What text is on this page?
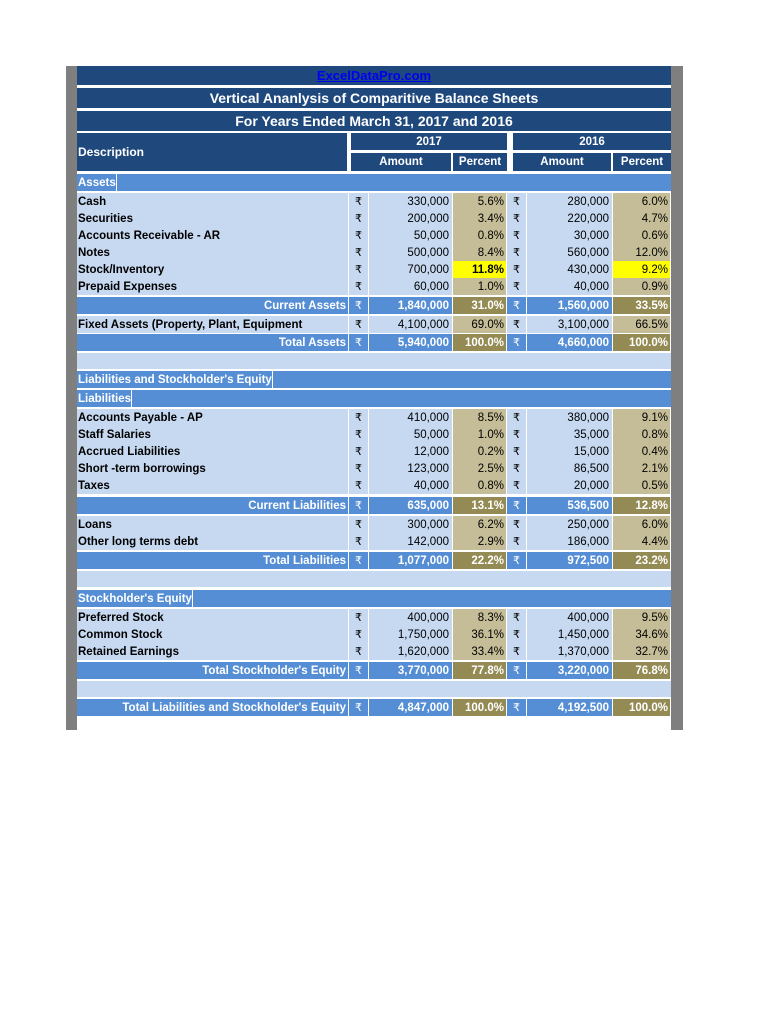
ExcelDataPro.com
Vertical Ananlysis of Comparitive Balance Sheets
For Years Ended March 31, 2017 and 2016
Description
2017	2016
Amount	Percent	Amount	Percent
Assets
Cash	₹	330,000	5.6% ₹	280,000	6.0%
Securities	₹	200,000	3.4% ₹	220,000	4.7%
Accounts Receivable - AR	₹	50,000	0.8% ₹	30,000	0.6%
Notes	₹	500,000	8.4% ₹	560,000	12.0%
Stock/Inventory	₹	700,000	11.8% ₹	430,000	9.2%
Prepaid Expenses	₹	60,000	1.0% ₹	40,000	0.9%
Current Assets ₹	1,840,000	31.0% ₹	1,560,000	33.5%
Fixed Assets (Property, Plant, Equipment	₹	4,100,000	69.0% ₹	3,100,000	66.5%
Total Assets ₹	5,940,000	100.0% ₹	4,660,000	100.0%
Liabilities and Stockholder's Equity
Liabilities
Accounts Payable - AP	₹	410,000	8.5% ₹	380,000	9.1%
Staff Salaries	₹	50,000	1.0% ₹	35,000	0.8%
Accrued Liabilities	₹	12,000	0.2% ₹	15,000	0.4%
Short -term borrowings	₹	123,000	2.5% ₹	86,500	2.1%
Taxes	₹	40,000	0.8% ₹	20,000	0.5%
Current Liabilities ₹	635,000	13.1% ₹	536,500	12.8%
Loans	₹	300,000	6.2% ₹	250,000	6.0%
Other long terms debt	₹	142,000	2.9% ₹	186,000	4.4%
Total Liabilities ₹	1,077,000	22.2% ₹	972,500	23.2%
Stockholder's Equity
Preferred Stock	₹	400,000	8.3% ₹	400,000	9.5%
Common Stock	₹	1,750,000	36.1% ₹	1,450,000	34.6%
Retained Earnings	₹	1,620,000	33.4% ₹	1,370,000	32.7%
Total Stockholder's Equity ₹	3,770,000	77.8% ₹	3,220,000	76.8%
Total Liabilities and Stockholder's Equity ₹	4,847,000	100.0% ₹	4,192,500	100.0%
